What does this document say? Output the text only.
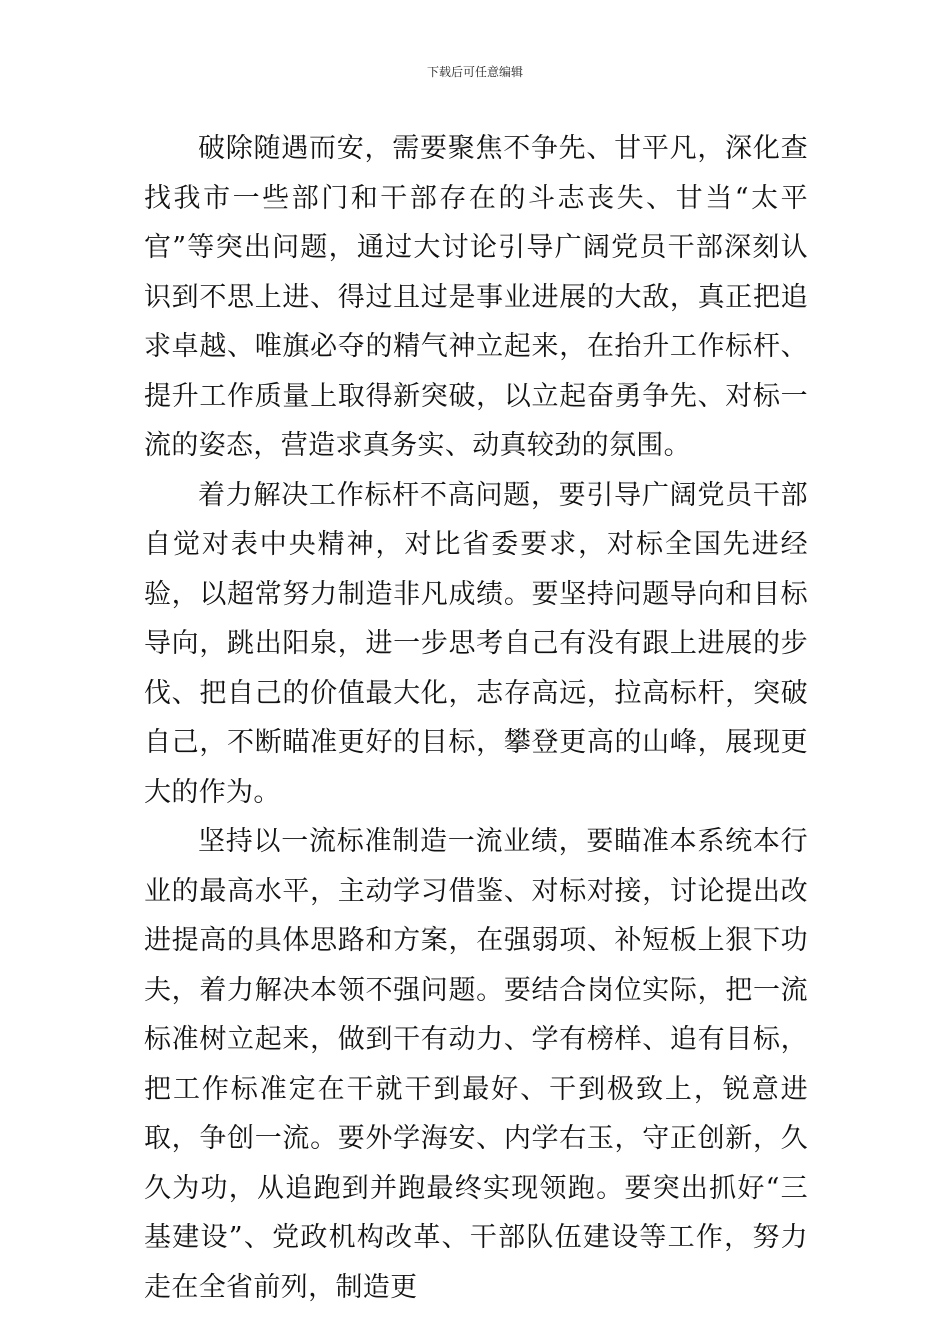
下载后可任意编辑

破除随遇而安，需要聚焦不争先、甘平凡，深化查找我市一些部门和干部存在的斗志丧失、甘当“太平官”等突出问题，通过大讨论引导广阔党员干部深刻认识到不思上进、得过且过是事业进展的大敌，真正把追求卓越、唯旗必夺的精气神立起来，在抬升工作标杆、提升工作质量上取得新突破，以立起奋勇争先、对标一流的姿态，营造求真务实、动真较劲的氛围。

着力解决工作标杆不高问题，要引导广阔党员干部自觉对表中央精神，对比省委要求，对标全国先进经验，以超常努力制造非凡成绩。要坚持问题导向和目标导向，跳出阳泉，进一步思考自己有没有跟上进展的步伐、把自己的价值最大化，志存高远，拉高标杆，突破自己，不断瞄准更好的目标，攀登更高的山峰，展现更大的作为。

坚持以一流标准制造一流业绩，要瞄准本系统本行业的最高水平，主动学习借鉴、对标对接，讨论提出改进提高的具体思路和方案，在强弱项、补短板上狠下功夫，着力解决本领不强问题。要结合岗位实际，把一流标准树立起来，做到干有动力、学有榜样、追有目标，把工作标准定在干就干到最好、干到极致上，锐意进取，争创一流。要外学海安、内学右玉，守正创新，久久为功，从追跑到并跑最终实现领跑。要突出抓好“三基建设”、党政机构改革、干部队伍建设等工作，努力走在全省前列，制造更
